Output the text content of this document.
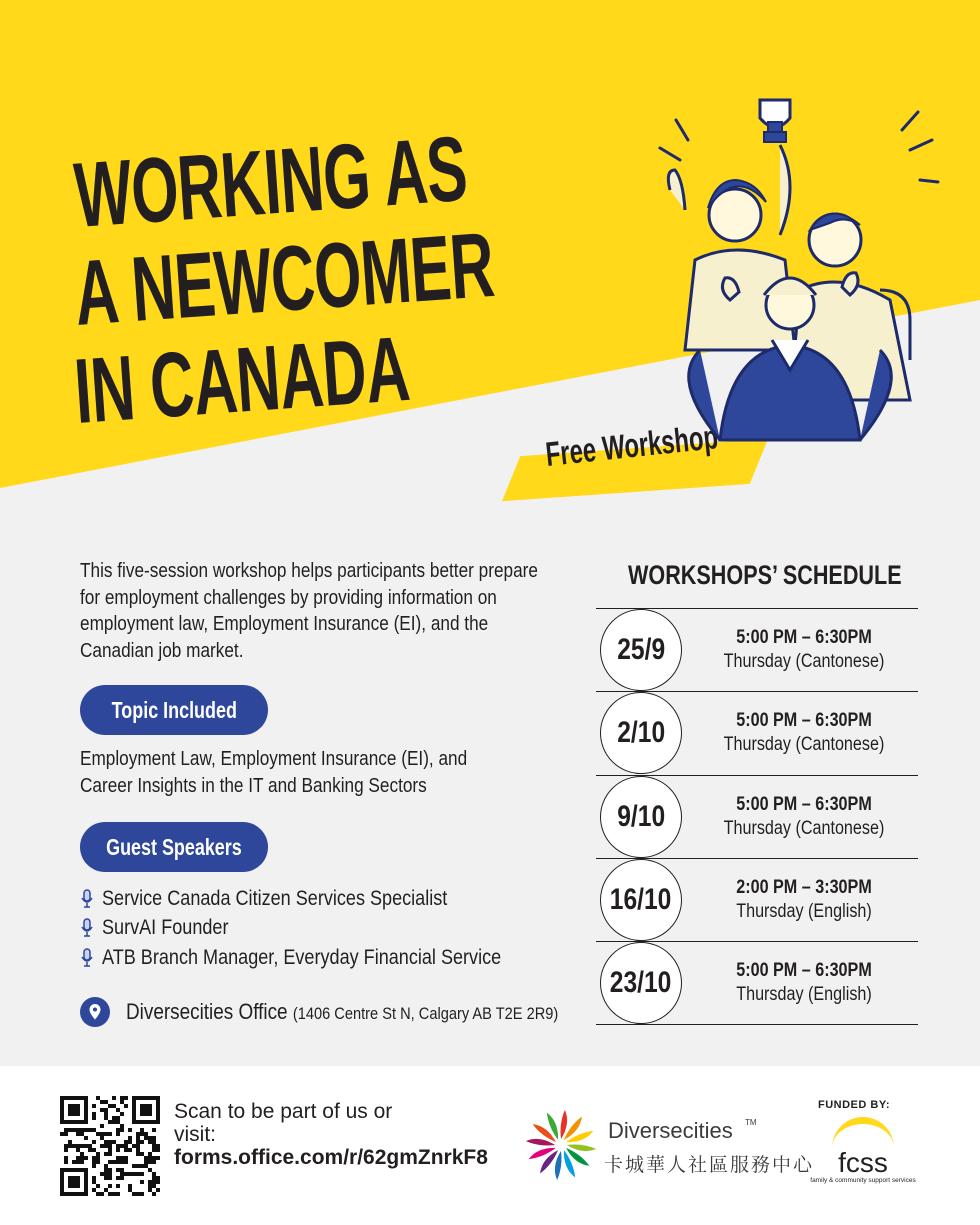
WORKING AS
A NEWCOMER
IN CANADA
Free Workshop
This five-session workshop helps participants better prepare for employment challenges by providing information on employment law, Employment Insurance (EI), and the Canadian job market.
Topic Included
Employment Law, Employment Insurance (EI), and Career Insights in the IT and Banking Sectors
Guest Speakers
Service Canada Citizen Services Specialist
SurvAI Founder
ATB Branch Manager, Everyday Financial Service
Diversecities Office (1406 Centre St N, Calgary AB T2E 2R9)
WORKSHOPS’ SCHEDULE
25/9	5:00 PM – 6:30PM
Thursday (Cantonese)
2/10	5:00 PM – 6:30PM
Thursday (Cantonese)
9/10	5:00 PM – 6:30PM
Thursday (Cantonese)
16/10	2:00 PM – 3:30PM
Thursday (English)
23/10	5:00 PM – 6:30PM
Thursday (English)
Scan to be part of us or visit:
forms.office.com/r/62gmZnrkF8
Diversecities TM
卡城華人社區服務中心
FUNDED BY:
fcss
family & community support services
